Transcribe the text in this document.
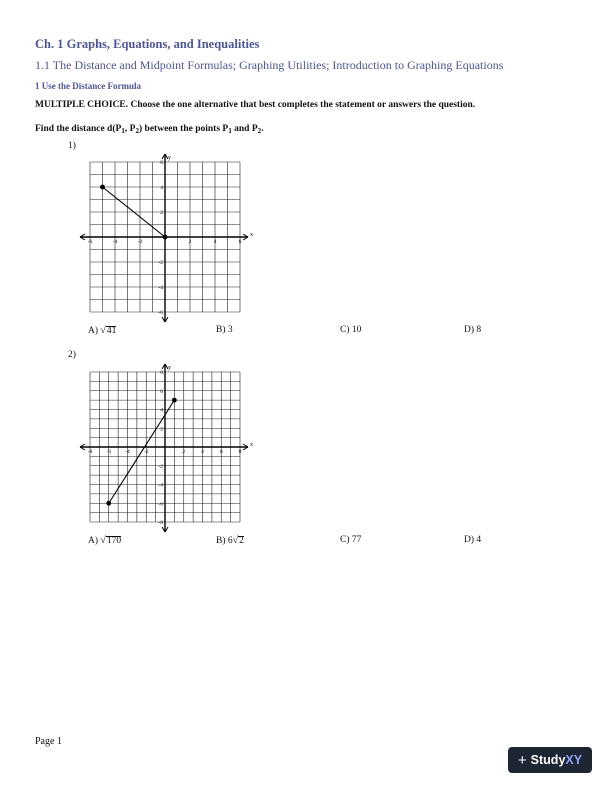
Ch. 1 Graphs, Equations, and Inequalities
1.1 The Distance and Midpoint Formulas; Graphing Utilities; Introduction to Graphing Equations
1 Use the Distance Formula
MULTIPLE CHOICE. Choose the one alternative that best completes the statement or answers the question.
Find the distance $d(P_1$, $P_2$) between the points $P_1$ and $P_2$.
1)
x
y
-6	-4	-2	2	4	6
6
4
2
-2
-4
-6
A) √41	B) 3	C) 10	D) 8
2)
x
y
-8	-6	-4	-2	2	4	6	8
8
6
4
2
-2
-4
-6
-8
A) √170	B) 6√2	C) 77	D) 4
Page 1
+ StudyXY
